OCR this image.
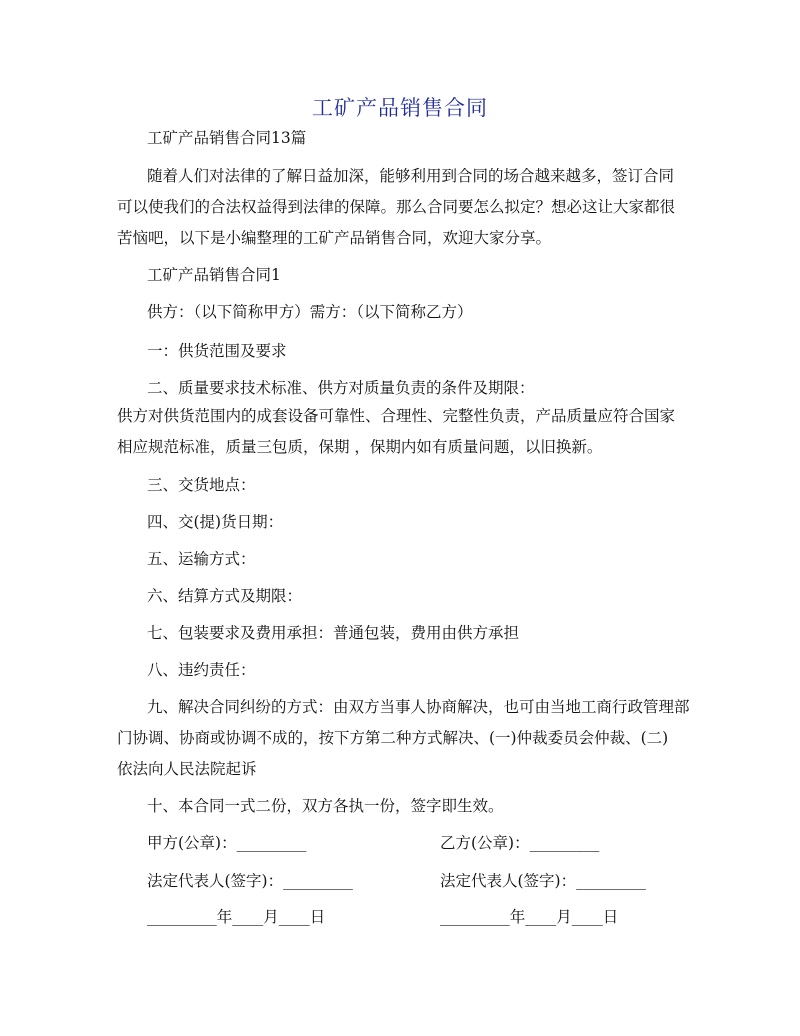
工矿产品销售合同
工矿产品销售合同13篇
随着人们对法律的了解日益加深，能够利用到合同的场合越来越多，签订合同
可以使我们的合法权益得到法律的保障。那么合同要怎么拟定？想必这让大家都很
苦恼吧，以下是小编整理的工矿产品销售合同，欢迎大家分享。
工矿产品销售合同1
供方：（以下简称甲方）需方：（以下简称乙方）
一：供货范围及要求
二、质量要求技术标准、供方对质量负责的条件及期限：
供方对供货范围内的成套设备可靠性、合理性、完整性负责，产品质量应符合国家
相应规范标准，质量三包质，保期 ，保期内如有质量问题，以旧换新。
三、交货地点：
四、交(提)货日期：
五、运输方式：
六、结算方式及期限：
七、包装要求及费用承担：普通包装，费用由供方承担
八、违约责任：
九、解决合同纠纷的方式：由双方当事人协商解决，也可由当地工商行政管理部
门协调、协商或协调不成的，按下方第二种方式解决、(一)仲裁委员会仲裁、(二)
依法向人民法院起诉
十、本合同一式二份，双方各执一份，签字即生效。
甲方(公章)：_________	乙方(公章)：_________
法定代表人(签字)：_________	法定代表人(签字)：_________
_________年____月____日	_________年____月____日
